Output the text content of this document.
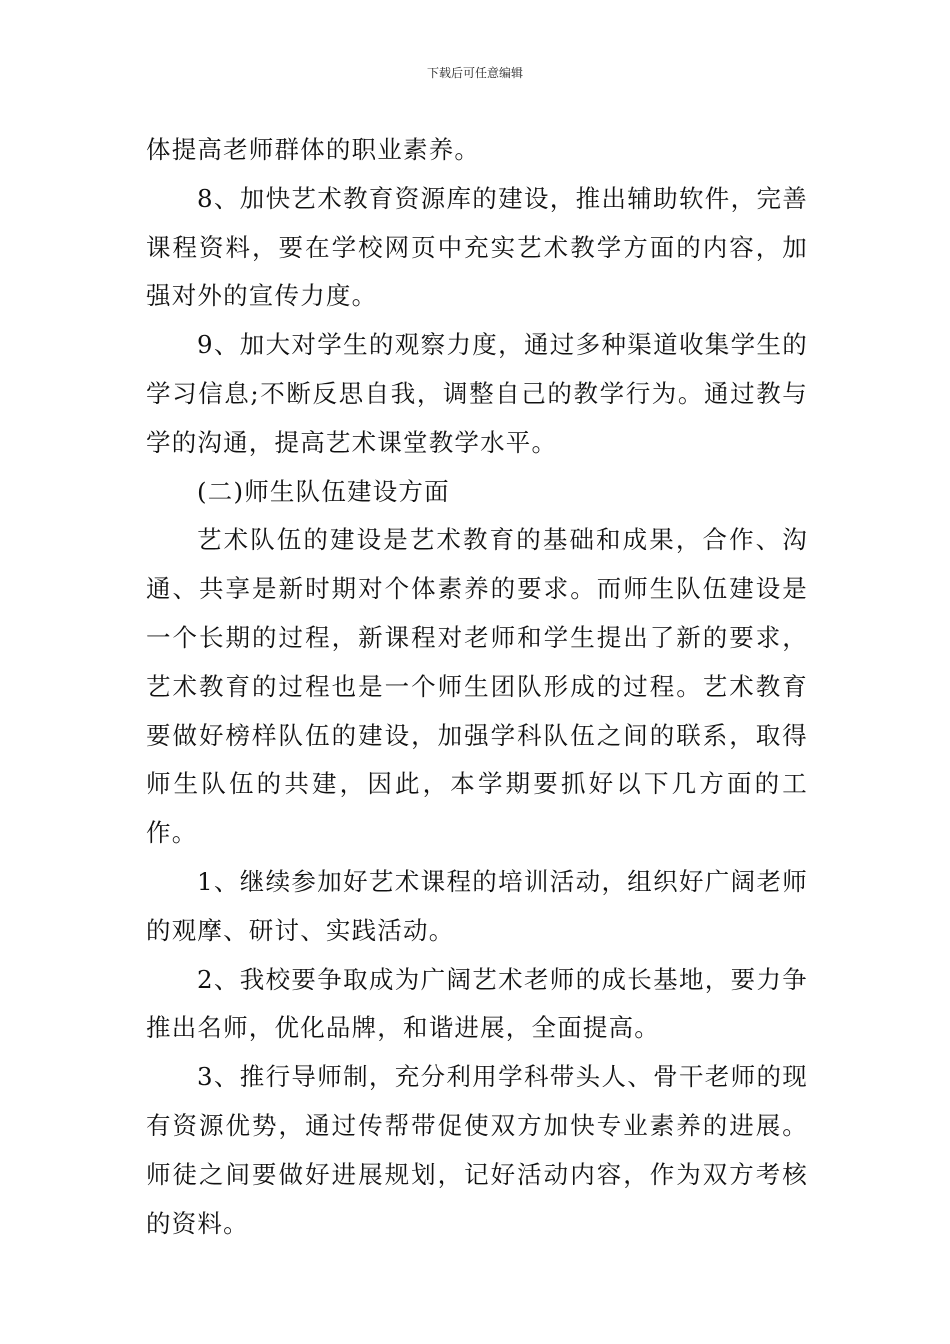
下载后可任意编辑

体提高老师群体的职业素养。

8、加快艺术教育资源库的建设，推出辅助软件，完善课程资料，要在学校网页中充实艺术教学方面的内容，加强对外的宣传力度。

9、加大对学生的观察力度，通过多种渠道收集学生的学习信息;不断反思自我，调整自己的教学行为。通过教与学的沟通，提高艺术课堂教学水平。

(二)师生队伍建设方面

艺术队伍的建设是艺术教育的基础和成果，合作、沟通、共享是新时期对个体素养的要求。而师生队伍建设是一个长期的过程，新课程对老师和学生提出了新的要求，艺术教育的过程也是一个师生团队形成的过程。艺术教育要做好榜样队伍的建设，加强学科队伍之间的联系，取得师生队伍的共建，因此，本学期要抓好以下几方面的工作。

1、继续参加好艺术课程的培训活动，组织好广阔老师的观摩、研讨、实践活动。

2、我校要争取成为广阔艺术老师的成长基地，要力争推出名师，优化品牌，和谐进展，全面提高。

3、推行导师制，充分利用学科带头人、骨干老师的现有资源优势，通过传帮带促使双方加快专业素养的进展。师徒之间要做好进展规划，记好活动内容，作为双方考核的资料。
